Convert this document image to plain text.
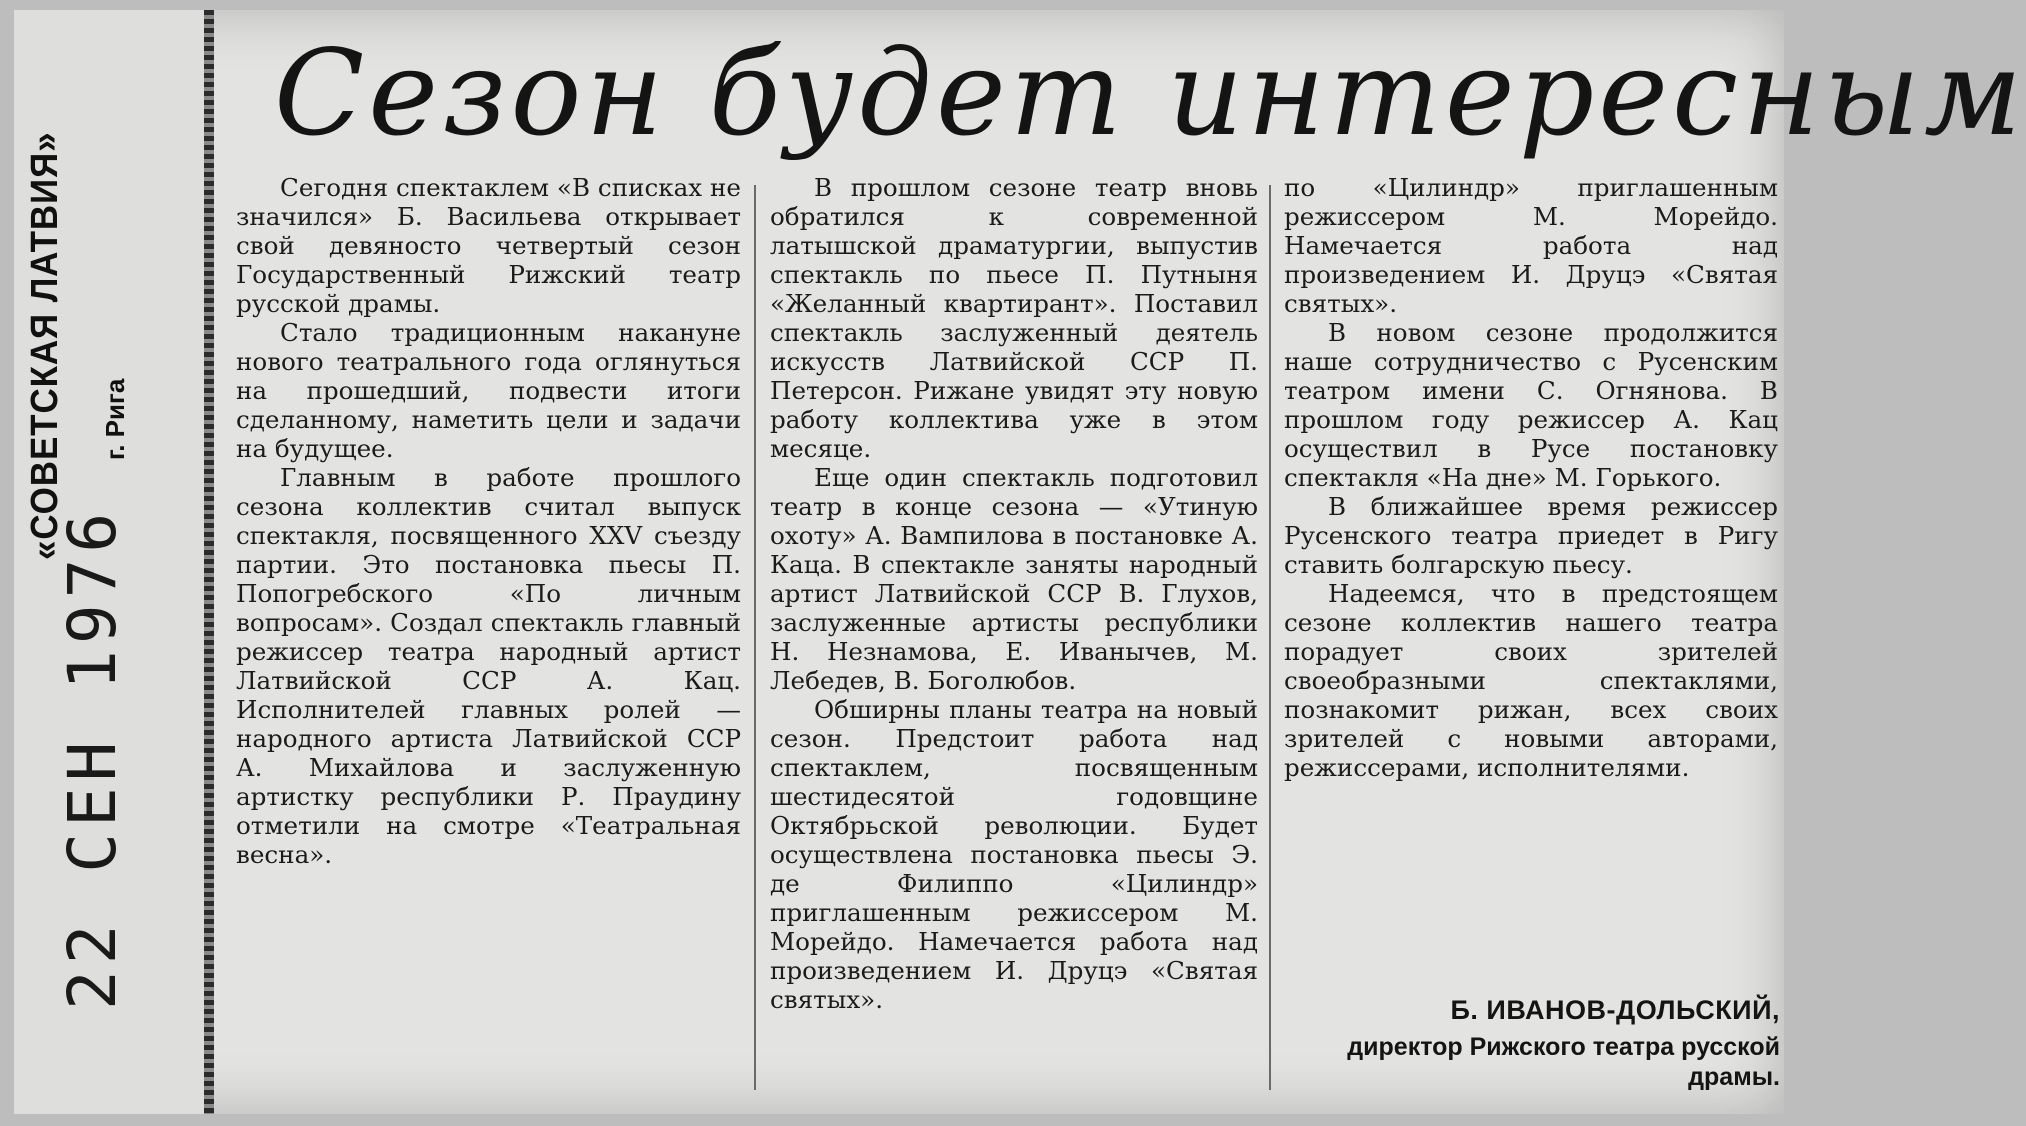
«СОВЕТСКАЯ ЛАТВИЯ» г. Рига
22 СЕН 1976
Сезон будет интересным

Сегодня спектаклем «В списках не значился» Б. Васильева открывает свой девяносто четвертый сезон Государственный Рижский театр русской драмы.

Стало традиционным накануне нового театрального года оглянуться на прошедший, подвести итоги сделанному, наметить цели и задачи на будущее.

Главным в работе прошлого сезона коллектив считал выпуск спектакля, посвященного XXV съезду партии. Это постановка пьесы П. Попогребского «По личным вопросам». Создал спектакль главный режиссер театра народный артист Латвийской ССР А. Кац. Исполнителей главных ролей — народного артиста Латвийской ССР А. Михайлова и заслуженную артистку республики Р. Праудину отметили на смотре «Театральная весна».

В прошлом сезоне театр вновь обратился к современной латышской драматургии, выпустив спектакль по пьесе П. Путныня «Желанный квартирант». Поставил спектакль заслуженный деятель искусств Латвийской ССР П. Петерсон. Рижане увидят эту новую работу коллектива уже в этом месяце.

Еще один спектакль подготовил театр в конце сезона — «Утиную охоту» А. Вампилова в постановке А. Каца. В спектакле заняты народный артист Латвийской ССР В. Глухов, заслуженные артисты республики Н. Незнамова, Е. Иванычев, М. Лебедев, В. Боголюбов.

Обширны планы театра на новый сезон. Предстоит работа над спектаклем, посвященным шестидесятой годовщине Октябрьской революции. Будет осуществлена постановка пьесы Э. де Филиппо «Цилиндр» приглашенным режиссером М. Морейдо. Намечается работа над произведением И. Друцэ «Святая святых».

по «Цилиндр» приглашенным режиссером М. Морейдо. Намечается работа над произведением И. Друцэ «Святая святых».

В новом сезоне продолжится наше сотрудничество с Русенским театром имени С. Огнянова. В прошлом году режиссер А. Кац осуществил в Русе постановку спектакля «На дне» М. Горького.

В ближайшее время режиссер Русенского театра приедет в Ригу ставить болгарскую пьесу.

Надеемся, что в предстоящем сезоне коллектив нашего театра порадует своих зрителей своеобразными спектаклями, познакомит рижан, всех своих зрителей с новыми авторами, режиссерами, исполнителями.

Б. ИВАНОВ-ДОЛЬСКИЙ,
директор Рижского театра русской драмы.
